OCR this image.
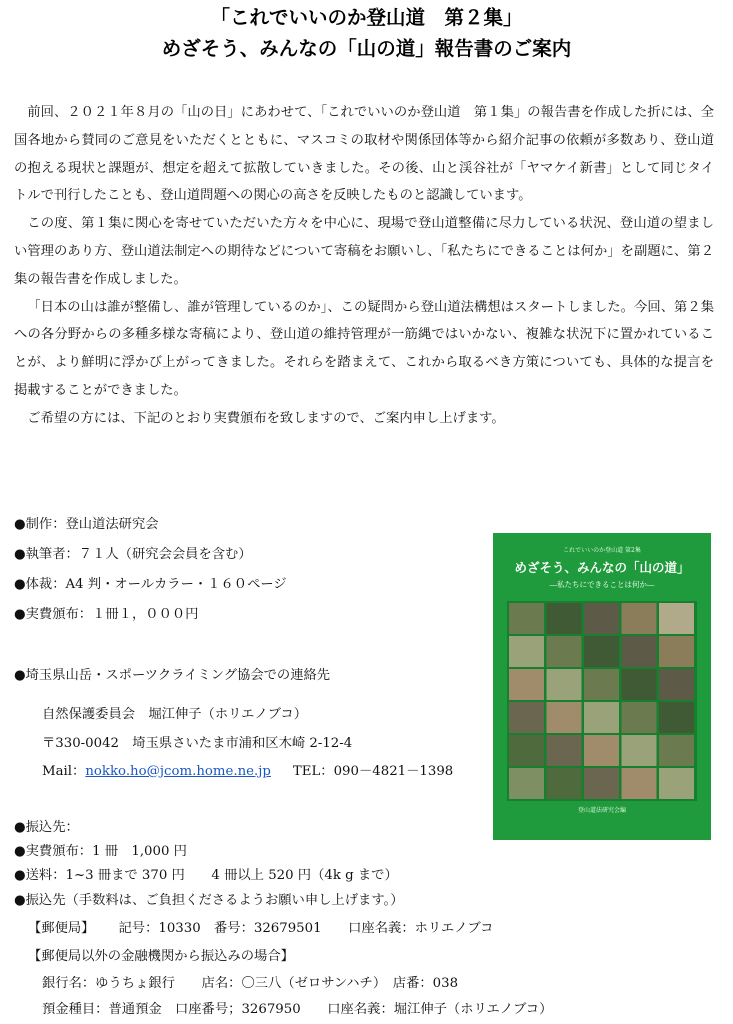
「これでいいのか登山道　第２集」
めざそう、みんなの「山の道」報告書のご案内

前回、２０２１年８月の「山の日」にあわせて、「これでいいのか登山道　第１集」の報告書を作成した折には、全国各地から賛同のご意見をいただくとともに、マスコミの取材や関係団体等から紹介記事の依頼が多数あり、登山道の抱える現状と課題が、想定を超えて拡散していきました。その後、山と渓谷社が「ヤマケイ新書」として同じタイトルで刊行したことも、登山道問題への関心の高さを反映したものと認識しています。

この度、第１集に関心を寄せていただいた方々を中心に、現場で登山道整備に尽力している状況、登山道の望ましい管理のあり方、登山道法制定への期待などについて寄稿をお願いし、「私たちにできることは何か」を副題に、第２集の報告書を作成しました。

「日本の山は誰が整備し、誰が管理しているのか」、この疑問から登山道法構想はスタートしました。今回、第２集への各分野からの多種多様な寄稿により、登山道の維持管理が一筋縄ではいかない、複雑な状況下に置かれていることが、より鮮明に浮かび上がってきました。それらを踏まえて、これから取るべき方策についても、具体的な提言を掲載することができました。

ご希望の方には、下記のとおり実費頒布を致しますので、ご案内申し上げます。

●制作：登山道法研究会
●執筆者：７１人（研究会会員を含む）
●体裁：A4 判・オールカラー・１６０ページ
●実費頒布：１冊１，０００円
●埼玉県山岳・スポーツクライミング協会での連絡先
自然保護委員会　堀江伸子（ホリエノブコ）
〒330-0042　埼玉県さいたま市浦和区木崎 2-12-4
Mail：nokko.ho@jcom.home.ne.jp TEL：090－4821－1398
●振込先：
●実費頒布：1 冊　1,000 円
●送料：1~3 冊まで 370 円　　4 冊以上 520 円（4k g まで）
●振込先（手数料は、ご負担くださるようお願い申し上げます。）
【郵便局】 記号：10330　番号：32679501　　口座名義：ホリエノブコ
【郵便局以外の金融機関から振込みの場合】
銀行名：ゆうちょ銀行　　店名：〇三八（ゼロサンハチ）　店番：038
預金種目：普通預金　口座番号；3267950　　口座名義：堀江伸子（ホリエノブコ）
これでいいのか登山道 第2集
めざそう、みんなの「山の道」
―私たちにできることは何か―
登山道法研究会編
